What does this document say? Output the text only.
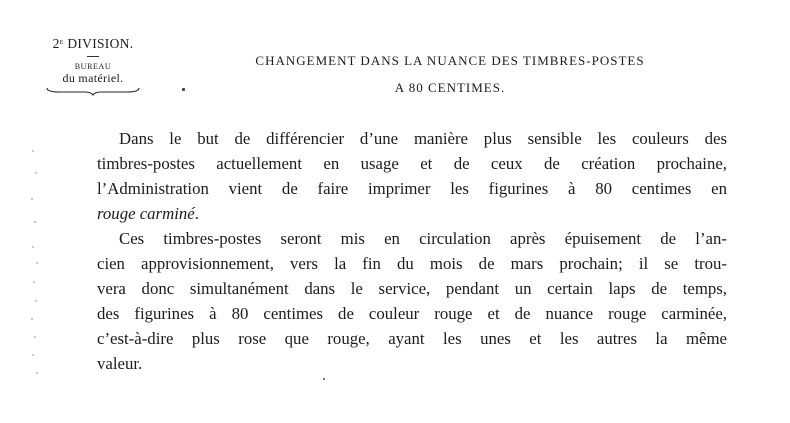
2e DIVISION.
BUREAU
du matériel.
CHANGEMENT DANS LA NUANCE DES TIMBRES-POSTES
A 80 CENTIMES.
Dans le but de différencier d’une manière plus sensible les couleurs des
timbres-postes actuellement en usage et de ceux de création prochaine,
l’Administration vient de faire imprimer les figurines à 80 centimes en
rouge carminé.
Ces timbres-postes seront mis en circulation après épuisement de l’an-
cien approvisionnement, vers la fin du mois de mars prochain; il se trou-
vera donc simultanément dans le service, pendant un certain laps de temps,
des figurines à 80 centimes de couleur rouge et de nuance rouge carminée,
c’est-à-dire plus rose que rouge, ayant les unes et les autres la même
valeur.
